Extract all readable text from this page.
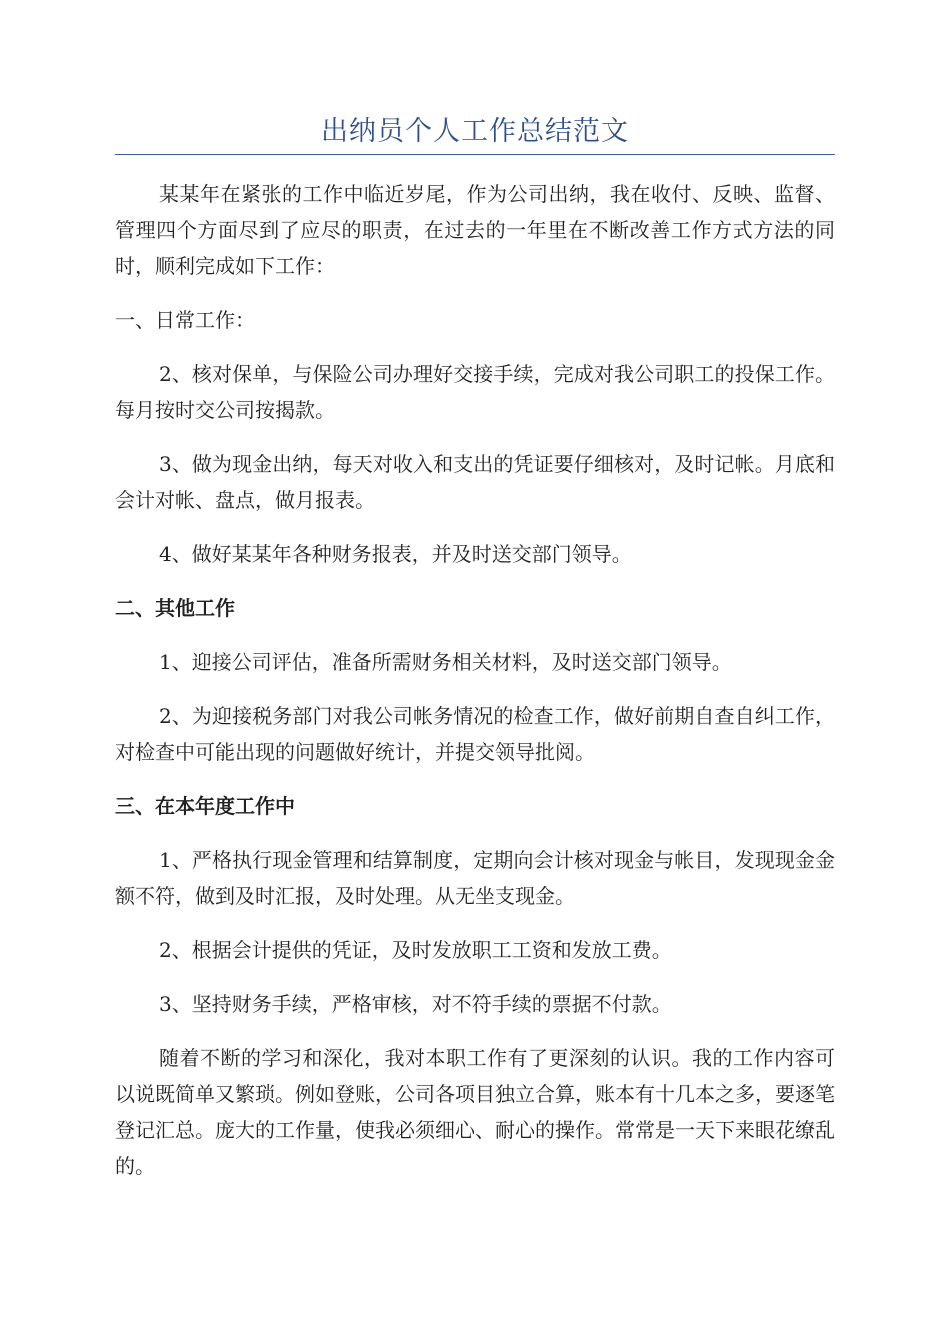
出纳员个人工作总结范文

某某年在紧张的工作中临近岁尾，作为公司出纳，我在收付、反映、监督、管理四个方面尽到了应尽的职责，在过去的一年里在不断改善工作方式方法的同时，顺利完成如下工作：

一、日常工作：

2、核对保单，与保险公司办理好交接手续，完成对我公司职工的投保工作。每月按时交公司按揭款。

3、做为现金出纳，每天对收入和支出的凭证要仔细核对，及时记帐。月底和会计对帐、盘点，做月报表。

4、做好某某年各种财务报表，并及时送交部门领导。

二、其他工作

1、迎接公司评估，准备所需财务相关材料，及时送交部门领导。

2、为迎接税务部门对我公司帐务情况的检查工作，做好前期自查自纠工作，对检查中可能出现的问题做好统计，并提交领导批阅。

三、在本年度工作中

1、严格执行现金管理和结算制度，定期向会计核对现金与帐目，发现现金金额不符，做到及时汇报，及时处理。从无坐支现金。

2、根据会计提供的凭证，及时发放职工工资和发放工费。

3、坚持财务手续，严格审核，对不符手续的票据不付款。

随着不断的学习和深化，我对本职工作有了更深刻的认识。我的工作内容可以说既简单又繁琐。例如登账，公司各项目独立合算，账本有十几本之多，要逐笔登记汇总。庞大的工作量，使我必须细心、耐心的操作。常常是一天下来眼花缭乱的。
